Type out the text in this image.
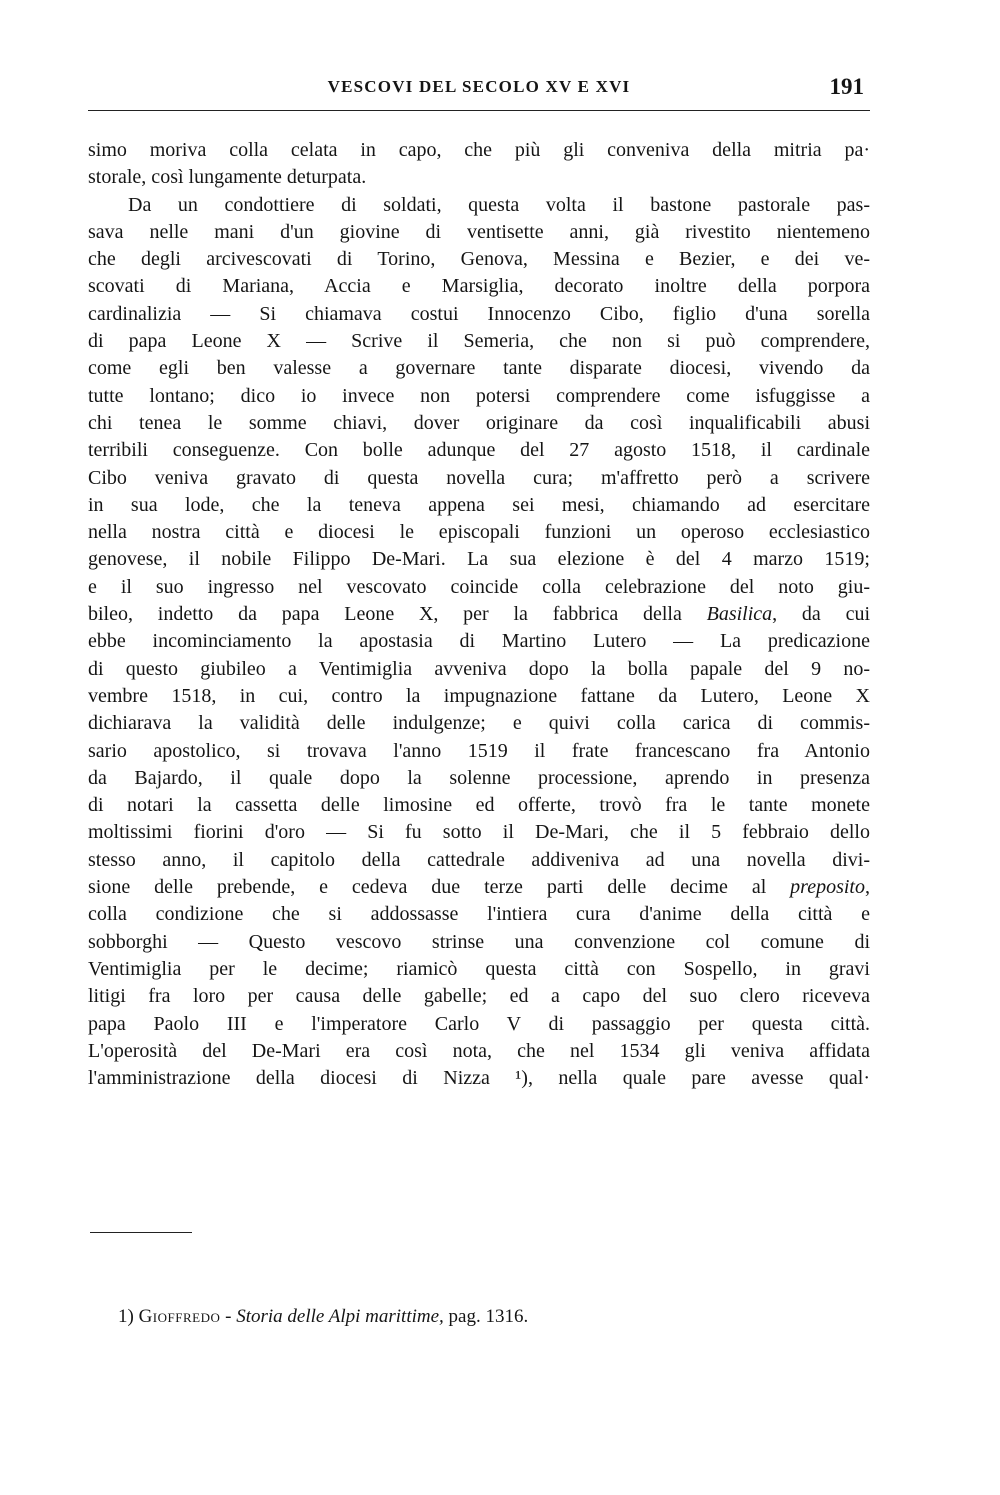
VESCOVI DEL SECOLO XV E XVI	191
simo moriva colla celata in capo, che più gli conveniva della mitria pa·
storale, così lungamente deturpata.
Da un condottiere di soldati, questa volta il bastone pastorale pas-
sava nelle mani d'un giovine di ventisette anni, già rivestito nientemeno
che degli arcivescovati di Torino, Genova, Messina e Bezier, e dei ve-
scovati di Mariana, Accia e Marsiglia, decorato inoltre della porpora
cardinalizia — Si chiamava costui Innocenzo Cibo, figlio d'una sorella
di papa Leone X — Scrive il Semeria, che non si può comprendere,
come egli ben valesse a governare tante disparate diocesi, vivendo da
tutte lontano; dico io invece non potersi comprendere come isfuggisse a
chi tenea le somme chiavi, dover originare da così inqualificabili abusi
terribili conseguenze. Con bolle adunque del 27 agosto 1518, il cardinale
Cibo veniva gravato di questa novella cura; m'affretto però a scrivere
in sua lode, che la teneva appena sei mesi, chiamando ad esercitare
nella nostra città e diocesi le episcopali funzioni un operoso ecclesiastico
genovese, il nobile Filippo De-Mari. La sua elezione è del 4 marzo 1519;
e il suo ingresso nel vescovato coincide colla celebrazione del noto giu-
bileo, indetto da papa Leone X, per la fabbrica della Basilica, da cui
ebbe incominciamento la apostasia di Martino Lutero — La predicazione
di questo giubileo a Ventimiglia avveniva dopo la bolla papale del 9 no-
vembre 1518, in cui, contro la impugnazione fattane da Lutero, Leone X
dichiarava la validità delle indulgenze; e quivi colla carica di commis-
sario apostolico, si trovava l'anno 1519 il frate francescano fra Antonio
da Bajardo, il quale dopo la solenne processione, aprendo in presenza
di notari la cassetta delle limosine ed offerte, trovò fra le tante monete
moltissimi fiorini d'oro — Si fu sotto il De-Mari, che il 5 febbraio dello
stesso anno, il capitolo della cattedrale addiveniva ad una novella divi-
sione delle prebende, e cedeva due terze parti delle decime al preposito,
colla condizione che si addossasse l'intiera cura d'anime della città e
sobborghi — Questo vescovo strinse una convenzione col comune di
Ventimiglia per le decime; riamicò questa città con Sospello, in gravi
litigi fra loro per causa delle gabelle; ed a capo del suo clero riceveva
papa Paolo III e l'imperatore Carlo V di passaggio per questa città.
L'operosità del De-Mari era così nota, che nel 1534 gli veniva affidata
l'amministrazione della diocesi di Nizza ¹), nella quale pare avesse qual·
1) Gioffredo - Storia delle Alpi marittime, pag. 1316.
